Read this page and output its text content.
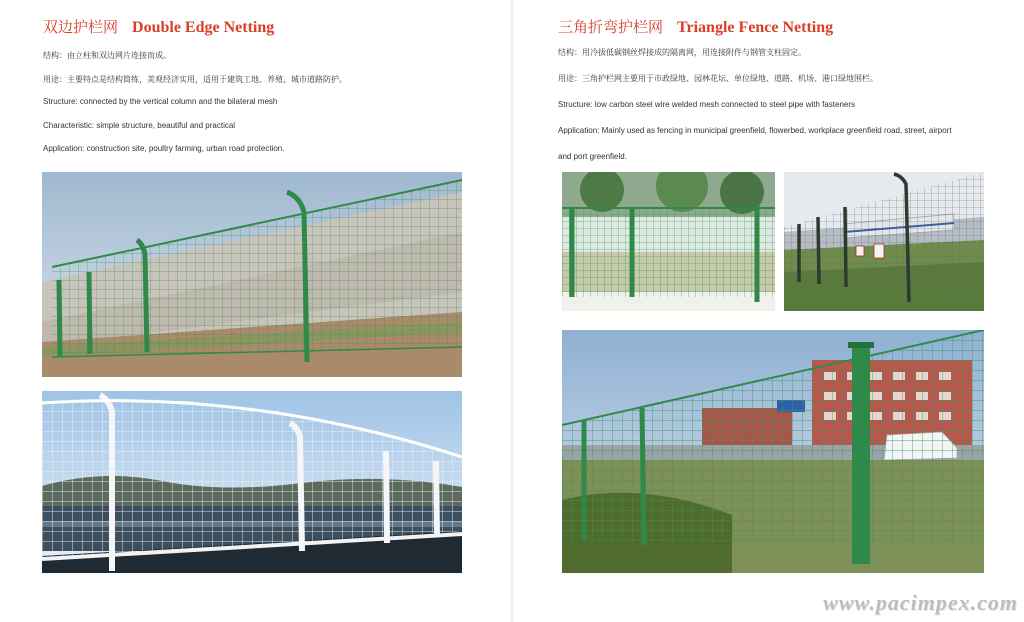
双边护栏网 Double Edge Netting
结构：由立柱和双边网片连接而成。
用途：主要特点是结构简练，美观经济实用，适用于建筑工地、养殖、城市道路防护。
Structure: connected by the vertical column and the bilateral mesh
Characteristic: simple structure, beautiful and practical
Application: construction site, poultry farming, urban road protection.
三角折弯护栏网 Triangle Fence Netting
结构：用冷拔低碳钢丝焊接成的隔离网，用连接附件与钢管支柱固定。
用途：三角护栏网主要用于市政绿地、园林花坛、单位绿地、道路、机场、港口绿地围栏。
Structure: low carbon steel wire welded mesh connected to steel pipe with fasteners
Application: Mainly used as fencing in municipal greenfield, flowerbed, workplace greenfield road, street, airport
and port greenfield.
www.pacimpex.com
